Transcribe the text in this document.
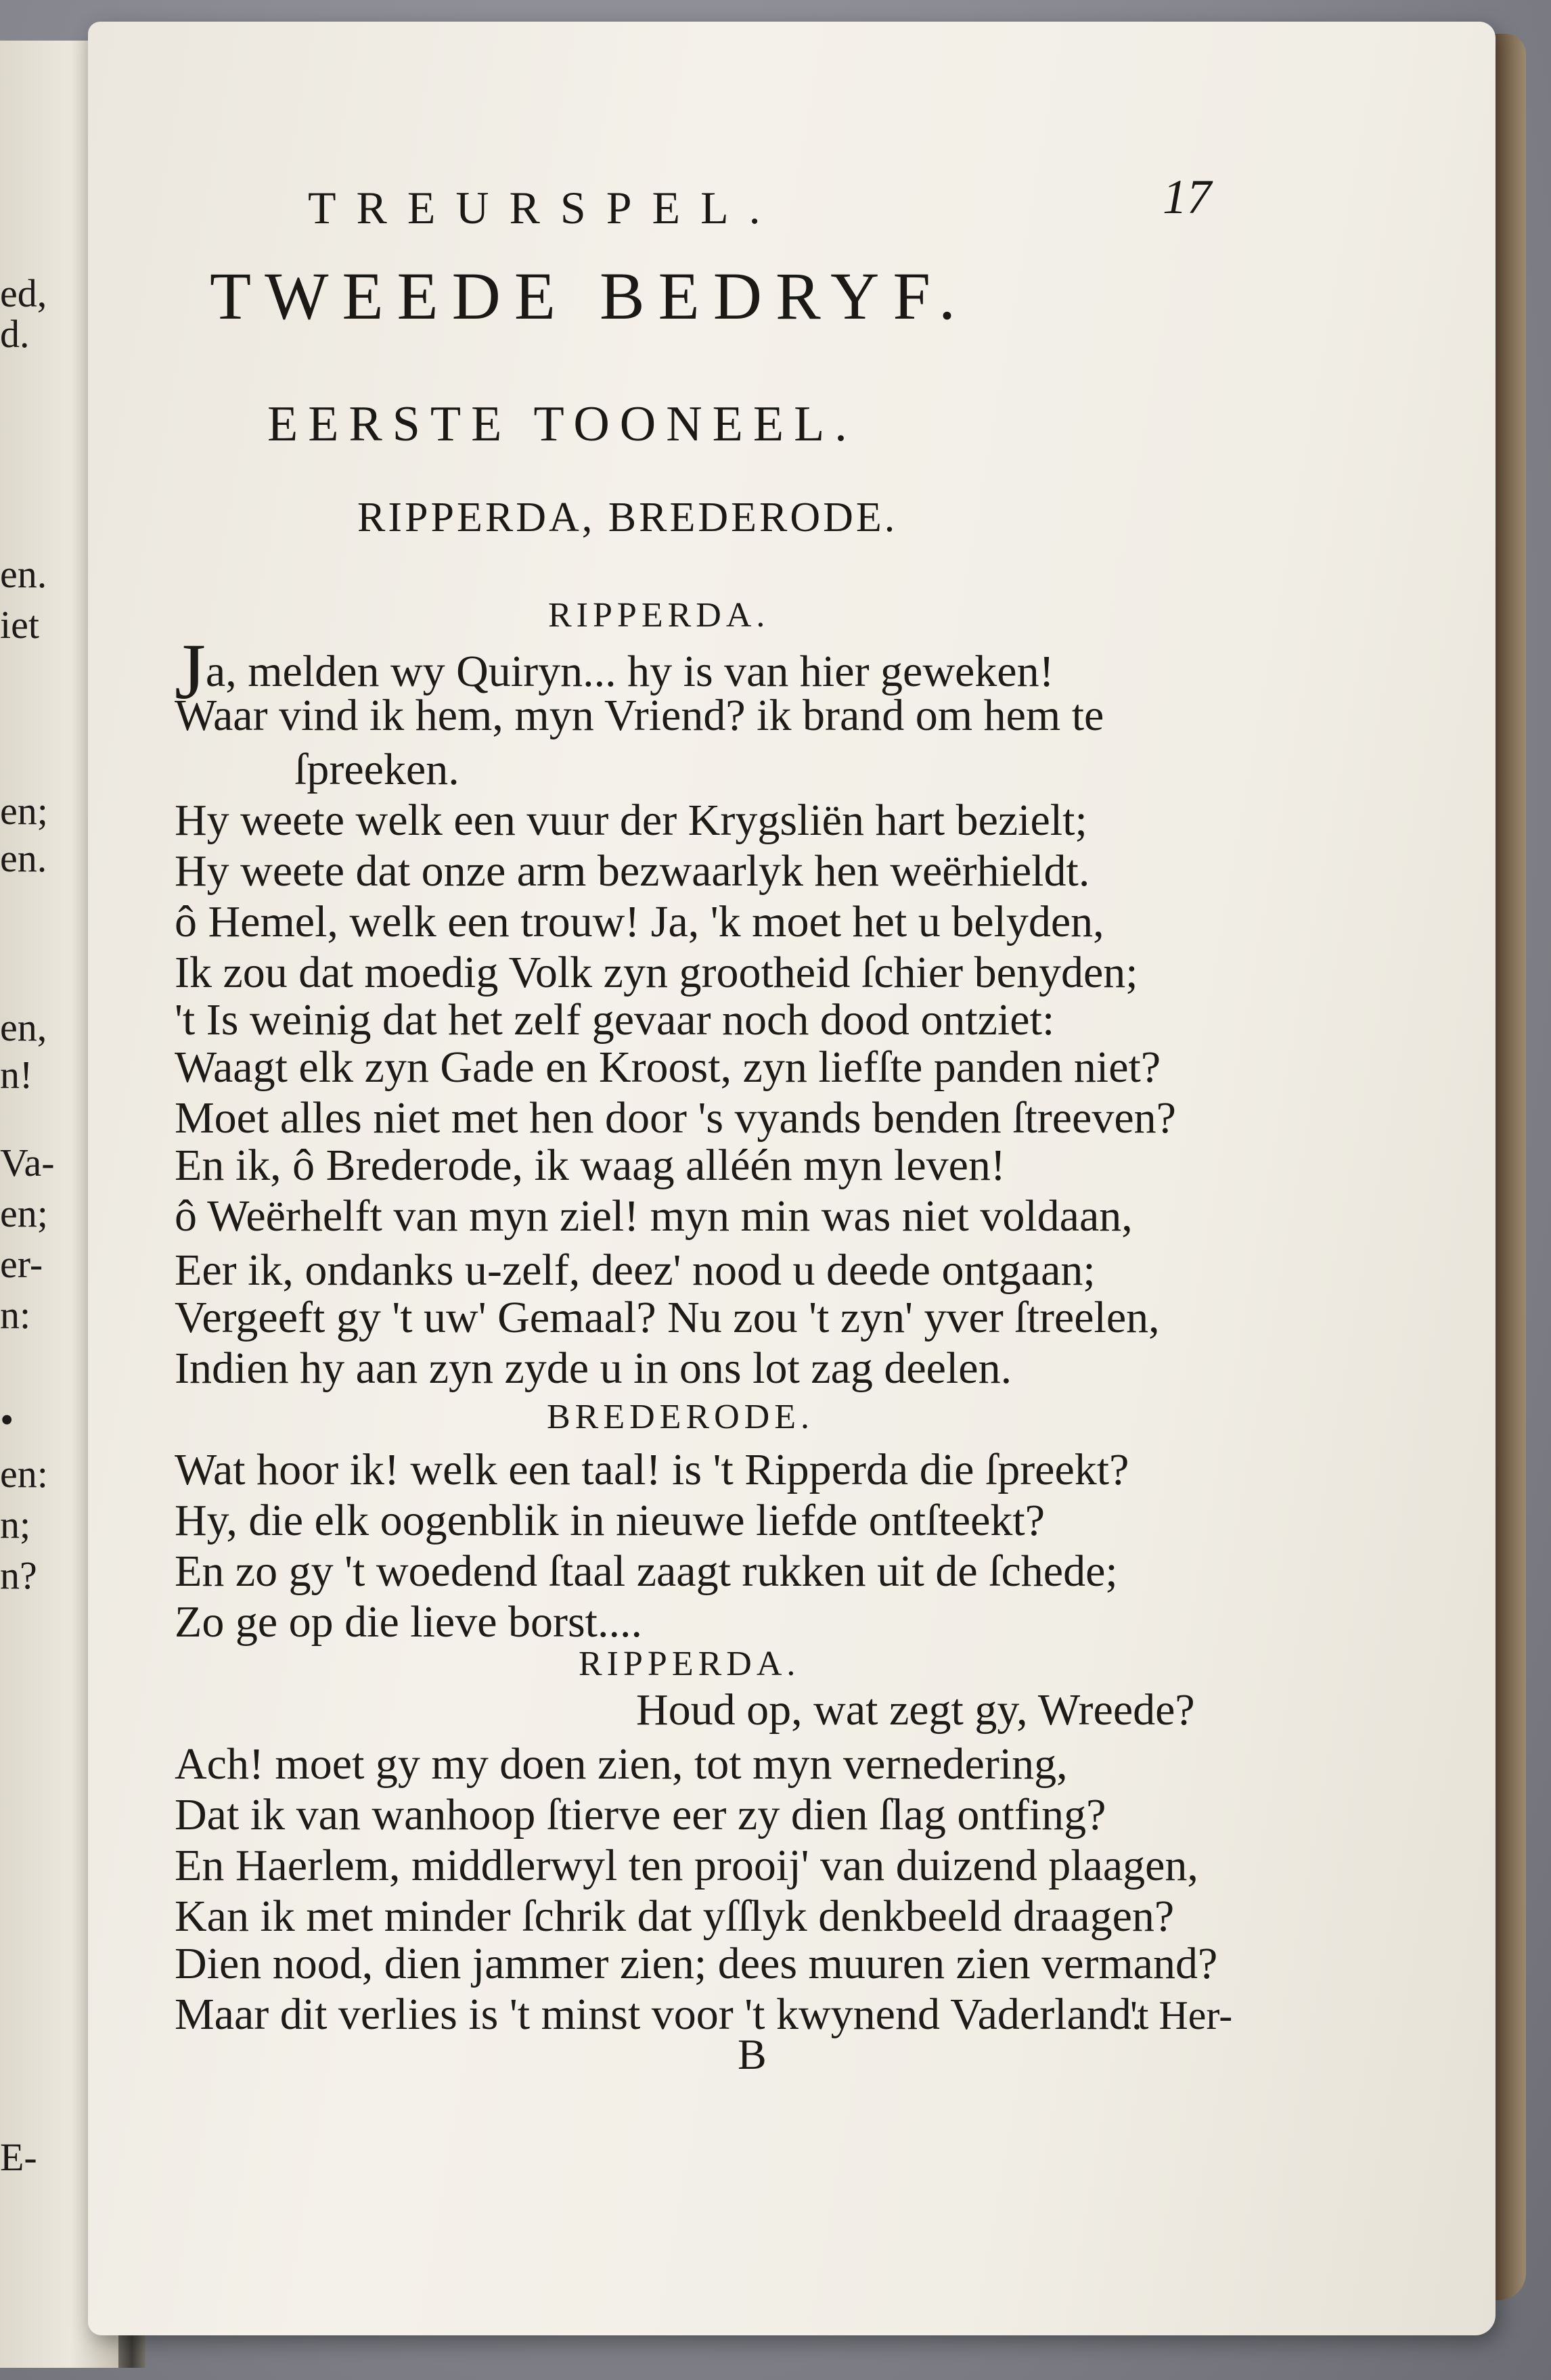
ed,
d.
en.
iet
en;
en.
en,
n!
Va-
en;
er-
n:
•
en:
n;
n?
E-
TREURSPEL.	17
TWEEDE BEDRYF.
EERSTE TOONEEL.
RIPPERDA, BREDERODE.
RIPPERDA.
Ja, melden wy Quiryn... hy is van hier geweken!
Waar vind ik hem, myn Vriend? ik brand om hem te
ſpreeken.
Hy weete welk een vuur der Krygsliën hart bezielt;
Hy weete dat onze arm bezwaarlyk hen weërhieldt.
ô Hemel, welk een trouw! Ja, 'k moet het u belyden,
Ik zou dat moedig Volk zyn grootheid ſchier benyden;
't Is weinig dat het zelf gevaar noch dood ontziet:
Waagt elk zyn Gade en Kroost, zyn liefſte panden niet?
Moet alles niet met hen door 's vyands benden ſtreeven?
En ik, ô Brederode, ik waag alléén myn leven!
ô Weërhelft van myn ziel! myn min was niet voldaan,
Eer ik, ondanks u-zelf, deez' nood u deede ontgaan;
Vergeeft gy 't uw' Gemaal? Nu zou 't zyn' yver ſtreelen,
Indien hy aan zyn zyde u in ons lot zag deelen.
BREDERODE.
Wat hoor ik! welk een taal! is 't Ripperda die ſpreekt?
Hy, die elk oogenblik in nieuwe liefde ontſteekt?
En zo gy 't woedend ſtaal zaagt rukken uit de ſchede;
Zo ge op die lieve borst....
RIPPERDA.
Houd op, wat zegt gy, Wreede?
Ach! moet gy my doen zien, tot myn vernedering,
Dat ik van wanhoop ſtierve eer zy dien ſlag ontfing?
En Haerlem, middlerwyl ten prooij' van duizend plaagen,
Kan ik met minder ſchrik dat yſſlyk denkbeeld draagen?
Dien nood, dien jammer zien; dees muuren zien vermand?
Maar dit verlies is 't minst voor 't kwynend Vaderland.
't Her-
B
